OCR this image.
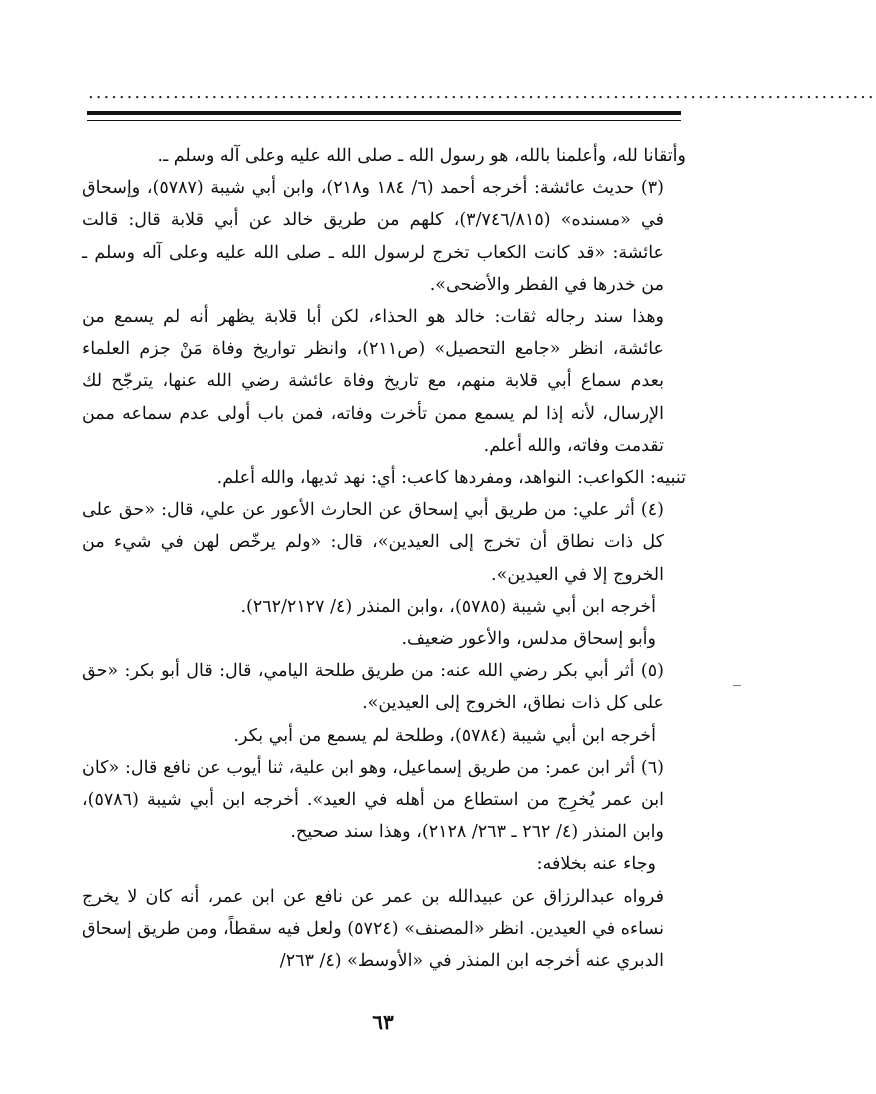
......................................................................................................

وأتقانا لله، وأعلمنا بالله، هو رسول الله ـ صلى الله عليه وعلى آله وسلم ـ.

(٣) حديث عائشة: أخرجه أحمد (٦/ ١٨٤ و٢١٨)، وابن أبي شيبة (٥٧٨٧)، وإسحاق في «مسنده» (٣/٧٤٦/٨١٥)، كلهم من طريق خالد عن أبي قلابة قال: قالت عائشة: «قد كانت الكعاب تخرج لرسول الله ـ صلى الله عليه وعلى آله وسلم ـ من خدرها في الفطر والأضحى».

وهذا سند رجاله ثقات: خالد هو الحذاء، لكن أبا قلابة يظهر أنه لم يسمع من عائشة، انظر «جامع التحصيل» (ص٢١١)، وانظر تواريخ وفاة مَنْ جزم العلماء بعدم سماع أبي قلابة منهم، مع تاريخ وفاة عائشة رضي الله عنها، يترجّح لك الإرسال، لأنه إذا لم يسمع ممن تأخرت وفاته، فمن باب أولى عدم سماعه ممن تقدمت وفاته، والله أعلم.

تنبيه: الكواعب: النواهد، ومفردها كاعب: أي: نهد ثديها، والله أعلم.

(٤) أثر علي: من طريق أبي إسحاق عن الحارث الأعور عن علي، قال: «حق على كل ذات نطاق أن تخرج إلى العيدين»، قال: «ولم يرخّص لهن في شيء من الخروج إلا في العيدين».

أخرجه ابن أبي شيبة (٥٧٨٥)، ،وابن المنذر (٤/ ٢٦٢/٢١٢٧).

وأبو إسحاق مدلس، والأعور ضعيف.

(٥) أثر أبي بكر رضي الله عنه: من طريق طلحة اليامي، قال: قال أبو بكر: «حق على كل ذات نطاق، الخروج إلى العيدين».

أخرجه ابن أبي شيبة (٥٧٨٤)، وطلحة لم يسمع من أبي بكر.

(٦) أثر ابن عمر: من طريق إسماعيل، وهو ابن علية، ثنا أيوب عن نافع قال: «كان ابن عمر يُخرِج من استطاع من أهله في العيد». أخرجه ابن أبي شيبة (٥٧٨٦)، وابن المنذر (٤/ ٢٦٢ ـ ٢٦٣/ ٢١٢٨)، وهذا سند صحيح.

وجاء عنه بخلافه:

فرواه عبدالرزاق عن عبيدالله بن عمر عن نافع عن ابن عمر، أنه كان لا يخرج نساءه في العيدين. انظر «المصنف» (٥٧٢٤) ولعل فيه سقطاً، ومن طريق إسحاق الدبري عنه أخرجه ابن المنذر في «الأوسط» (٤/ ٢٦٣/

٦٣
